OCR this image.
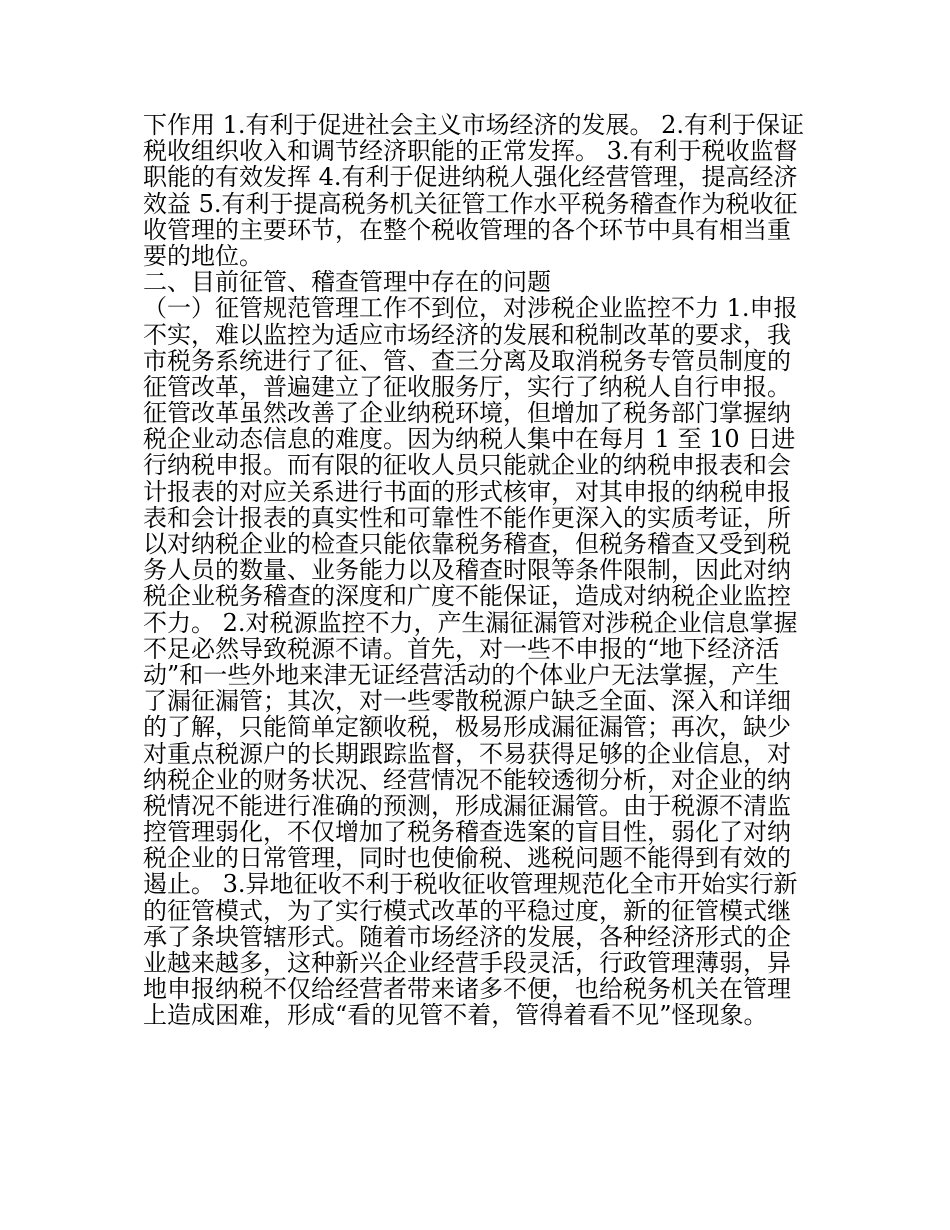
下作用 1.有利于促进社会主义市场经济的发展。 2.有利于保证
税收组织收入和调节经济职能的正常发挥。 3.有利于税收监督
职能的有效发挥 4.有利于促进纳税人强化经营管理，提高经济
效益 5.有利于提高税务机关征管工作水平税务稽查作为税收征
收管理的主要环节，在整个税收管理的各个环节中具有相当重
要的地位。
二、目前征管、稽查管理中存在的问题
（一）征管规范管理工作不到位，对涉税企业监控不力 1.申报
不实，难以监控为适应市场经济的发展和税制改革的要求，我
市税务系统进行了征、管、查三分离及取消税务专管员制度的
征管改革，普遍建立了征收服务厅，实行了纳税人自行申报。
征管改革虽然改善了企业纳税环境，但增加了税务部门掌握纳
税企业动态信息的难度。因为纳税人集中在每月 1 至 10 日进
行纳税申报。而有限的征收人员只能就企业的纳税申报表和会
计报表的对应关系进行书面的形式核审，对其申报的纳税申报
表和会计报表的真实性和可靠性不能作更深入的实质考证，所
以对纳税企业的检查只能依靠税务稽查，但税务稽查又受到税
务人员的数量、业务能力以及稽查时限等条件限制，因此对纳
税企业税务稽查的深度和广度不能保证，造成对纳税企业监控
不力。 2.对税源监控不力，产生漏征漏管对涉税企业信息掌握
不足必然导致税源不请。首先，对一些不申报的“地下经济活
动”和一些外地来津无证经营活动的个体业户无法掌握，产生
了漏征漏管；其次，对一些零散税源户缺乏全面、深入和详细
的了解，只能简单定额收税，极易形成漏征漏管；再次，缺少
对重点税源户的长期跟踪监督，不易获得足够的企业信息，对
纳税企业的财务状况、经营情况不能较透彻分析，对企业的纳
税情况不能进行准确的预测，形成漏征漏管。由于税源不清监
控管理弱化，不仅增加了税务稽查选案的盲目性，弱化了对纳
税企业的日常管理，同时也使偷税、逃税问题不能得到有效的
遏止。 3.异地征收不利于税收征收管理规范化全市开始实行新
的征管模式，为了实行模式改革的平稳过度，新的征管模式继
承了条块管辖形式。随着市场经济的发展，各种经济形式的企
业越来越多，这种新兴企业经营手段灵活，行政管理薄弱，异
地申报纳税不仅给经营者带来诸多不便，也给税务机关在管理
上造成困难，形成“看的见管不着，管得着看不见”怪现象。
